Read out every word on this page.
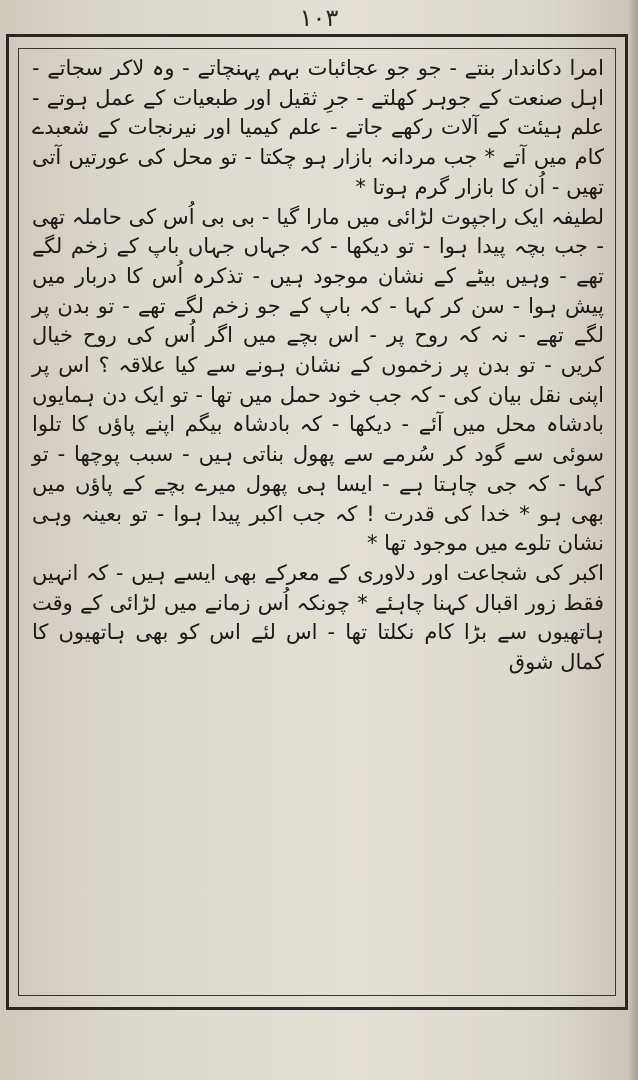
۱۰۳

امرا دکاندار بنتے - جو جو عجائبات بہم پہنچاتے - وہ لاکر سجاتے - اہل صنعت کے جوہر کھلتے - جرِ ثقیل اور طبعیات کے عمل ہوتے - علم ہیئت کے آلات رکھے جاتے - علم کیمیا اور نیرنجات کے شعبدے کام میں آتے * جب مردانہ بازار ہو چکتا - تو محل کی عورتیں آتی تھیں - اُن کا بازار گرم ہوتا *

لطیفہ ایک راجپوت لڑائی میں مارا گیا - بی بی اُس کی حاملہ تھی - جب بچہ پیدا ہوا - تو دیکھا - کہ جہاں جہاں باپ کے زخم لگے تھے - وہیں بیٹے کے نشان موجود ہیں - تذکرہ اُس کا دربار میں پیش ہوا - سن کر کہا - کہ باپ کے جو زخم لگے تھے - تو بدن پر لگے تھے - نہ کہ روح پر - اس بچے میں اگر اُس کی روح خیال کریں - تو بدن پر زخموں کے نشان ہونے سے کیا علاقہ ؟ اس پر اپنی نقل بیان کی - کہ جب خود حمل میں تھا - تو ایک دن ہمایوں بادشاہ محل میں آئے - دیکھا - کہ بادشاہ بیگم اپنے پاؤں کا تلوا سوئی سے گود کر سُرمے سے پھول بناتی ہیں - سبب پوچھا - تو کہا - کہ جی چاہتا ہے - ایسا ہی پھول میرے بچے کے پاؤں میں بھی ہو * خدا کی قدرت ! کہ جب اکبر پیدا ہوا - تو بعینہ وہی نشان تلوے میں موجود تھا *

اکبر کی شجاعت اور دلاوری کے معرکے بھی ایسے ہیں - کہ انہیں فقط زور اقبال کہنا چاہئے * چونکہ اُس زمانے میں لڑائی کے وقت ہاتھیوں سے بڑا کام نکلتا تھا - اس لئے اس کو بھی ہاتھیوں کا کمال شوق
